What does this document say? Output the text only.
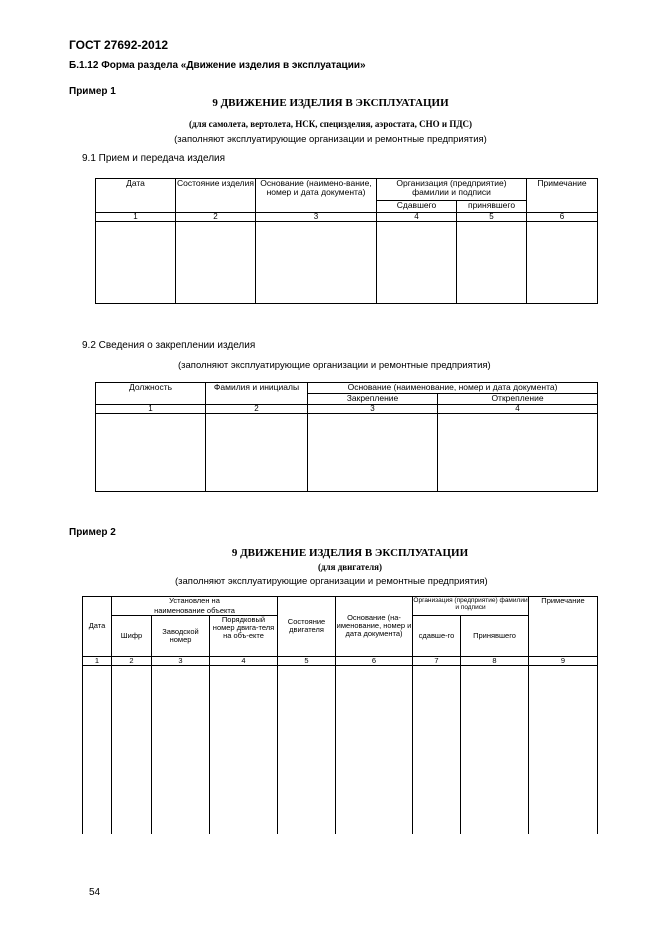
ГОСТ 27692-2012
Б.1.12 Форма раздела «Движение изделия в эксплуатации»
Пример 1
9 ДВИЖЕНИЕ ИЗДЕЛИЯ В ЭКСПЛУАТАЦИИ
(для самолета, вертолета, НСК, специзделия, аэростата, СНО и ПДС)
(заполняют эксплуатирующие организации и ремонтные предприятия)
9.1 Прием и передача изделия
Дата	Состояние изделия	Основание (наимено-вание, номер и дата документа)	Организация (предприятие) фамилии и подписи		Примечание
			Сдавшего	принявшего	
1	2	3	4	5	6

9.2 Сведения о закреплении изделия
(заполняют эксплуатирующие организации и ремонтные предприятия)
Должность	Фамилия и инициалы	Основание (наименование, номер и дата документа)	
		Закрепление	Открепление
1	2	3	4

Пример 2
9 ДВИЖЕНИЕ ИЗДЕЛИЯ В ЭКСПЛУАТАЦИИ
(для двигателя)
(заполняют эксплуатирующие организации и ремонтные предприятия)
Дата	Установлен на			Состояние двигателя	Основание (на-именование, номер и дата документа)	Организация (предприятие) фамилии и подписи		Примечание
	наименование объекта							
	Шифр	Заводской номер	Порядковый номер двига-теля на объ-екте			сдавше-го	Принявшего	
1	2	3	4	5	6	7	8	9

54
